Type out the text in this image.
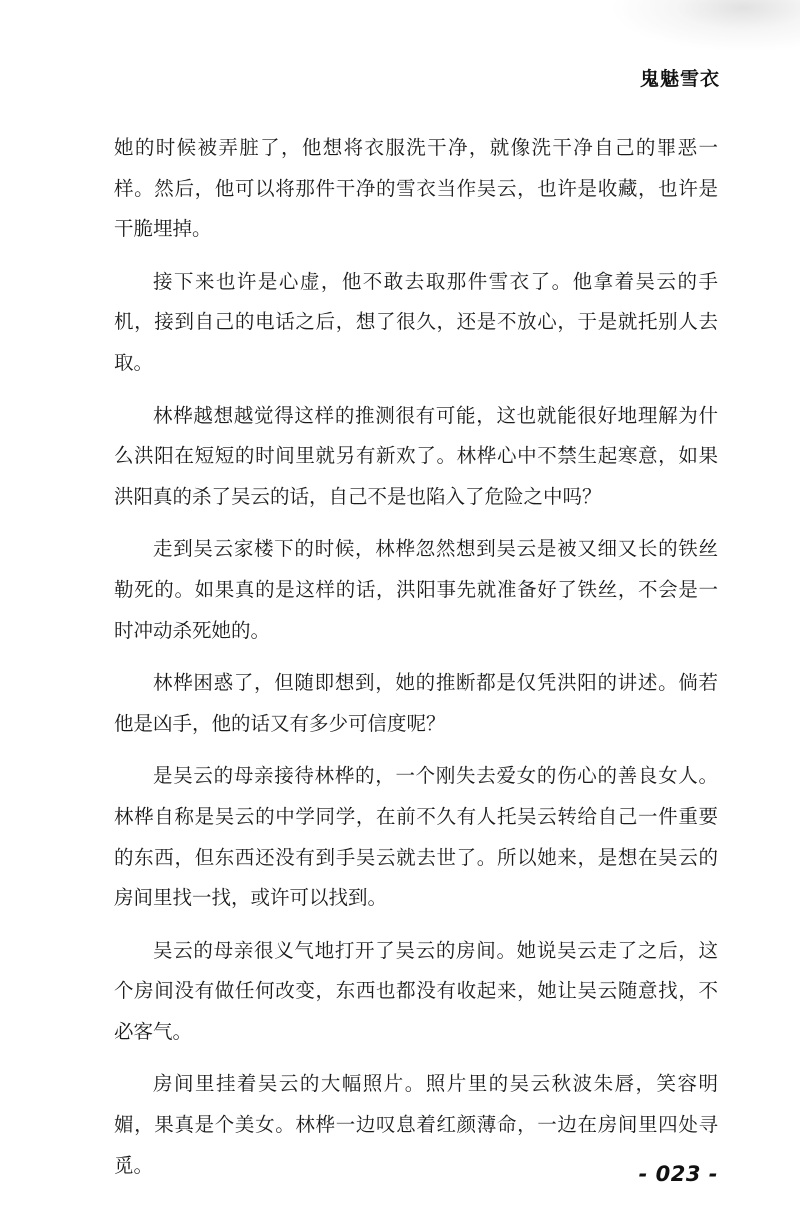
鬼魅雪衣

她的时候被弄脏了，他想将衣服洗干净，就像洗干净自己的罪恶一样。然后，他可以将那件干净的雪衣当作吴云，也许是收藏，也许是干脆埋掉。

接下来也许是心虚，他不敢去取那件雪衣了。他拿着吴云的手机，接到自己的电话之后，想了很久，还是不放心，于是就托别人去取。

林桦越想越觉得这样的推测很有可能，这也就能很好地理解为什么洪阳在短短的时间里就另有新欢了。林桦心中不禁生起寒意，如果洪阳真的杀了吴云的话，自己不是也陷入了危险之中吗？

走到吴云家楼下的时候，林桦忽然想到吴云是被又细又长的铁丝勒死的。如果真的是这样的话，洪阳事先就准备好了铁丝，不会是一时冲动杀死她的。

林桦困惑了，但随即想到，她的推断都是仅凭洪阳的讲述。倘若他是凶手，他的话又有多少可信度呢？

是吴云的母亲接待林桦的，一个刚失去爱女的伤心的善良女人。林桦自称是吴云的中学同学，在前不久有人托吴云转给自己一件重要的东西，但东西还没有到手吴云就去世了。所以她来，是想在吴云的房间里找一找，或许可以找到。

吴云的母亲很义气地打开了吴云的房间。她说吴云走了之后，这个房间没有做任何改变，东西也都没有收起来，她让吴云随意找，不必客气。

房间里挂着吴云的大幅照片。照片里的吴云秋波朱唇，笑容明媚，果真是个美女。林桦一边叹息着红颜薄命，一边在房间里四处寻觅。	- 023 -
